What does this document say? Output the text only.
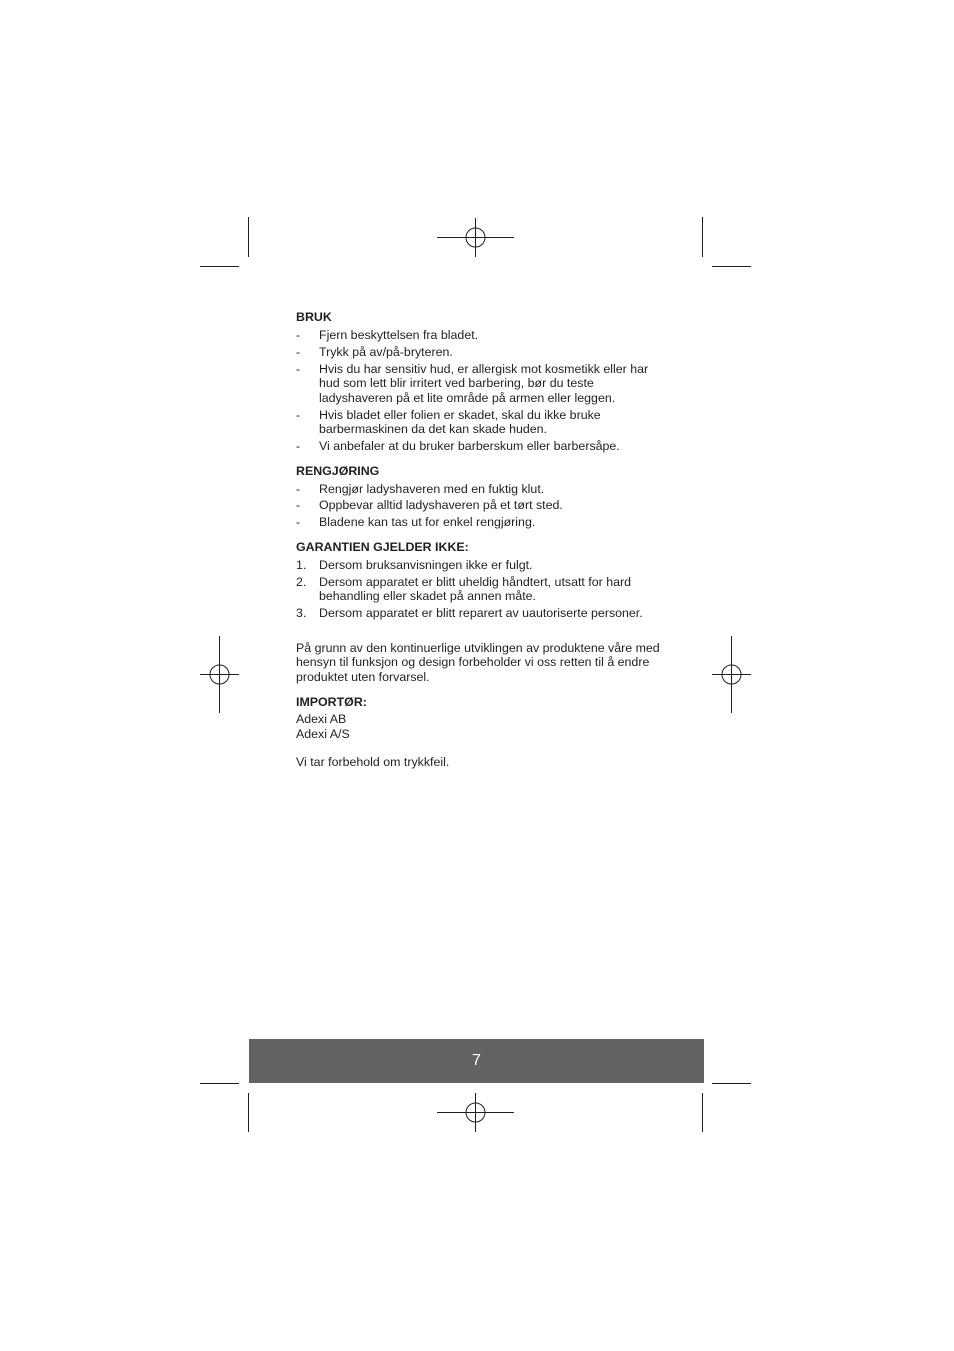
BRUK
- Fjern beskyttelsen fra bladet.
- Trykk på av/på-bryteren.
- Hvis du har sensitiv hud, er allergisk mot kosmetikk eller har hud som lett blir irritert ved barbering, bør du teste ladyshaveren på et lite område på armen eller leggen.
- Hvis bladet eller folien er skadet, skal du ikke bruke barbermaskinen da det kan skade huden.
- Vi anbefaler at du bruker barberskum eller barbersåpe.
RENGJØRING
- Rengjør ladyshaveren med en fuktig klut.
- Oppbevar alltid ladyshaveren på et tørt sted.
- Bladene kan tas ut for enkel rengjøring.
GARANTIEN GJELDER IKKE:
1. Dersom bruksanvisningen ikke er fulgt.
2. Dersom apparatet er blitt uheldig håndtert, utsatt for hard behandling eller skadet på annen måte.
3. Dersom apparatet er blitt reparert av uautoriserte personer.

På grunn av den kontinuerlige utviklingen av produktene våre med hensyn til funksjon og design forbeholder vi oss retten til å endre produktet uten forvarsel.

IMPORTØR:
Adexi AB
Adexi A/S

Vi tar forbehold om trykkfeil.

7
